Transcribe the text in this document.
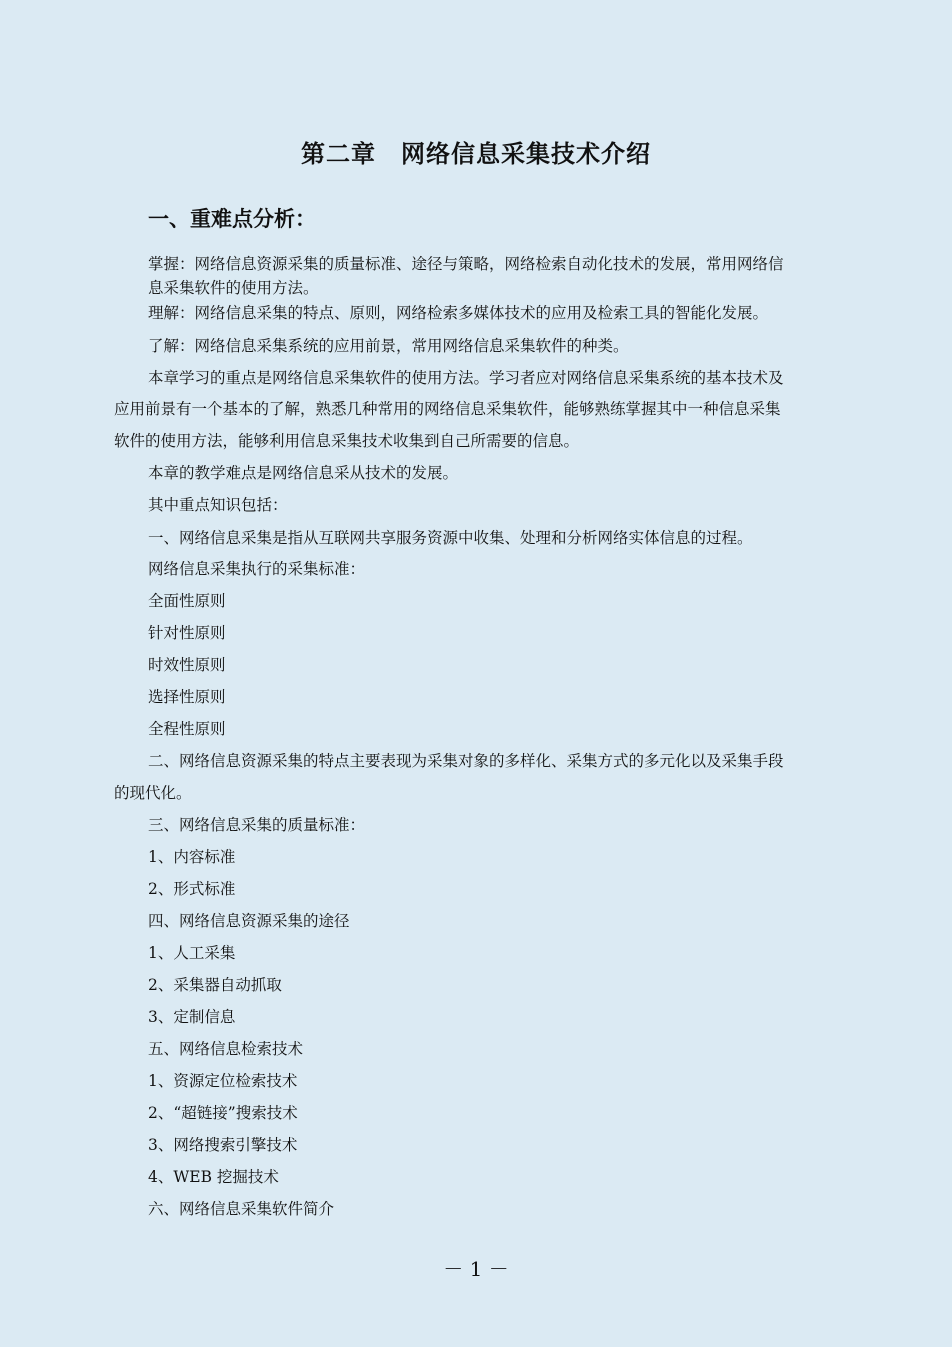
第二章　网络信息采集技术介绍
一、重难点分析：
掌握：网络信息资源采集的质量标准、途径与策略，网络检索自动化技术的发展，常用网络信
息采集软件的使用方法。
理解：网络信息采集的特点、原则，网络检索多媒体技术的应用及检索工具的智能化发展。
了解：网络信息采集系统的应用前景，常用网络信息采集软件的种类。
本章学习的重点是网络信息采集软件的使用方法。学习者应对网络信息采集系统的基本技术及
应用前景有一个基本的了解，熟悉几种常用的网络信息采集软件，能够熟练掌握其中一种信息采集
软件的使用方法，能够利用信息采集技术收集到自己所需要的信息。
本章的教学难点是网络信息采从技术的发展。
其中重点知识包括：
一、网络信息采集是指从互联网共享服务资源中收集、处理和分析网络实体信息的过程。
网络信息采集执行的采集标准：
全面性原则
针对性原则
时效性原则
选择性原则
全程性原则
二、网络信息资源采集的特点主要表现为采集对象的多样化、采集方式的多元化以及采集手段
的现代化。
三、网络信息采集的质量标准：
1、内容标准
2、形式标准
四、网络信息资源采集的途径
1、人工采集
2、采集器自动抓取
3、定制信息
五、网络信息检索技术
1、资源定位检索技术
2、“超链接”搜索技术
3、网络搜索引擎技术
4、WEB 挖掘技术
六、网络信息采集软件简介
－ 1 －
